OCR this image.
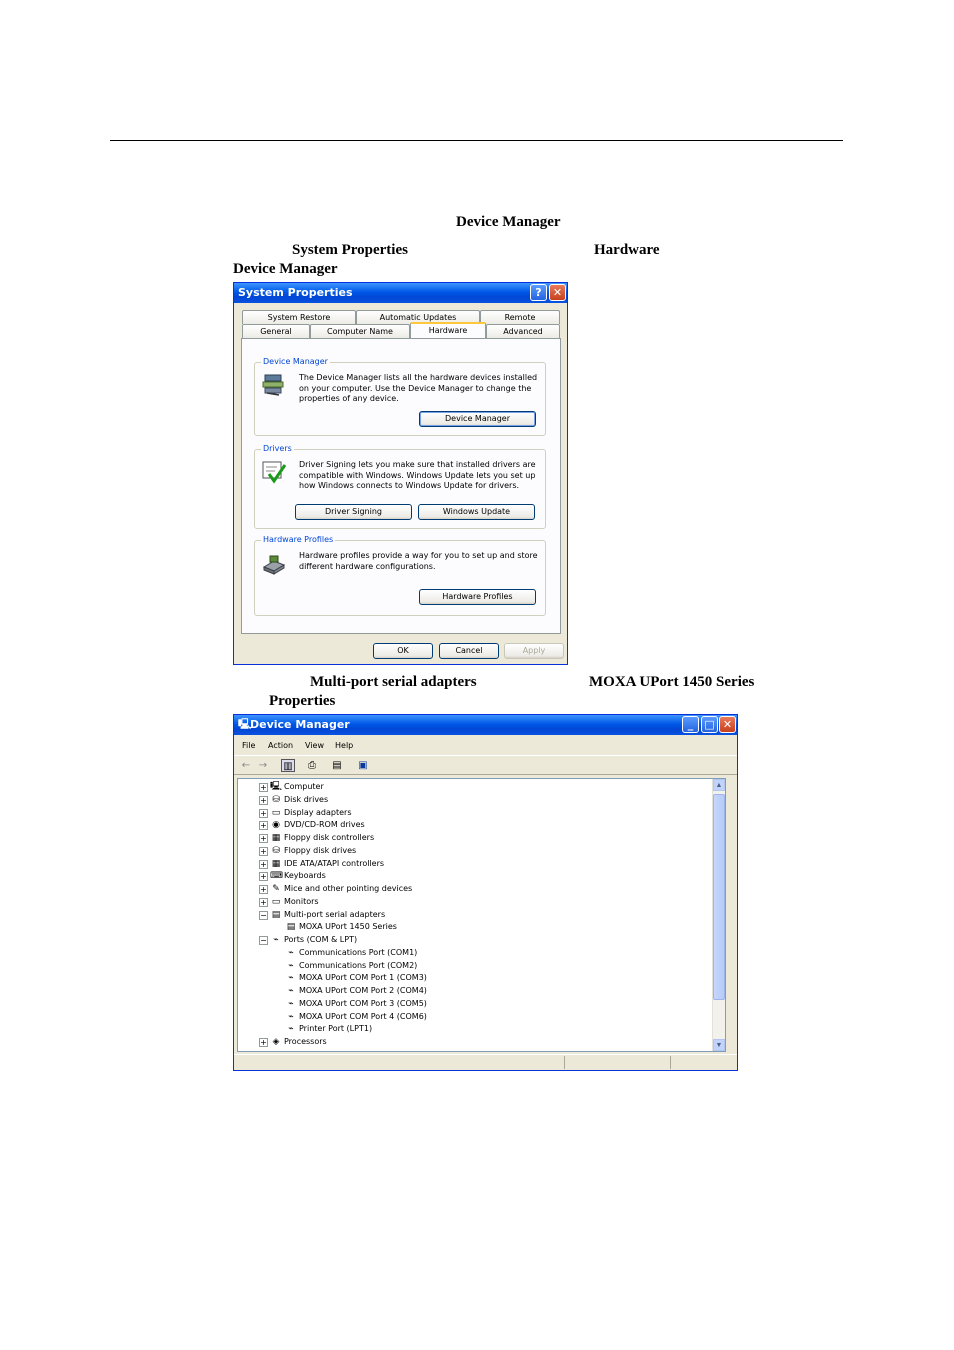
Device Manager
System Properties	Hardware
Device Manager
Multi-port serial adapters	MOXA UPort 1450 Series
Properties
System Properties	?	✕
System Restore	Automatic Updates	Remote
General	Computer Name	Hardware	Advanced
Device Manager
The Device Manager lists all the hardware devices installed on your computer. Use the Device Manager to change the properties of any device.
Device Manager
Drivers
Driver Signing lets you make sure that installed drivers are compatible with Windows. Windows Update lets you set up how Windows connects to Windows Update for drivers.
Driver Signing	Windows Update
Hardware Profiles
Hardware profiles provide a way for you to set up and store different hardware configurations.
Hardware Profiles
OK	Cancel	Apply
🖳
Device Manager	_	□ ✕
File Action View Help
← → ▥	⎙	▤ ▣
▲
▼
+ 🖳 Computer
+ ⛁ Disk drives
+ ▭ Display adapters
+ ◉ DVD/CD-ROM drives
+ ▦ Floppy disk controllers
+ ⛁ Floppy disk drives
+ ▦ IDE ATA/ATAPI controllers
+ ⌨ Keyboards
+ ✎ Mice and other pointing devices
+ ▭ Monitors
− ▤ Multi-port serial adapters
▤ MOXA UPort 1450 Series
− ⌁ Ports (COM & LPT)
⌁ Communications Port (COM1)
⌁ Communications Port (COM2)
⌁ MOXA UPort COM Port 1 (COM3)
⌁ MOXA UPort COM Port 2 (COM4)
⌁ MOXA UPort COM Port 3 (COM5)
⌁ MOXA UPort COM Port 4 (COM6)
⌁ Printer Port (LPT1)
+ ◈ Processors
